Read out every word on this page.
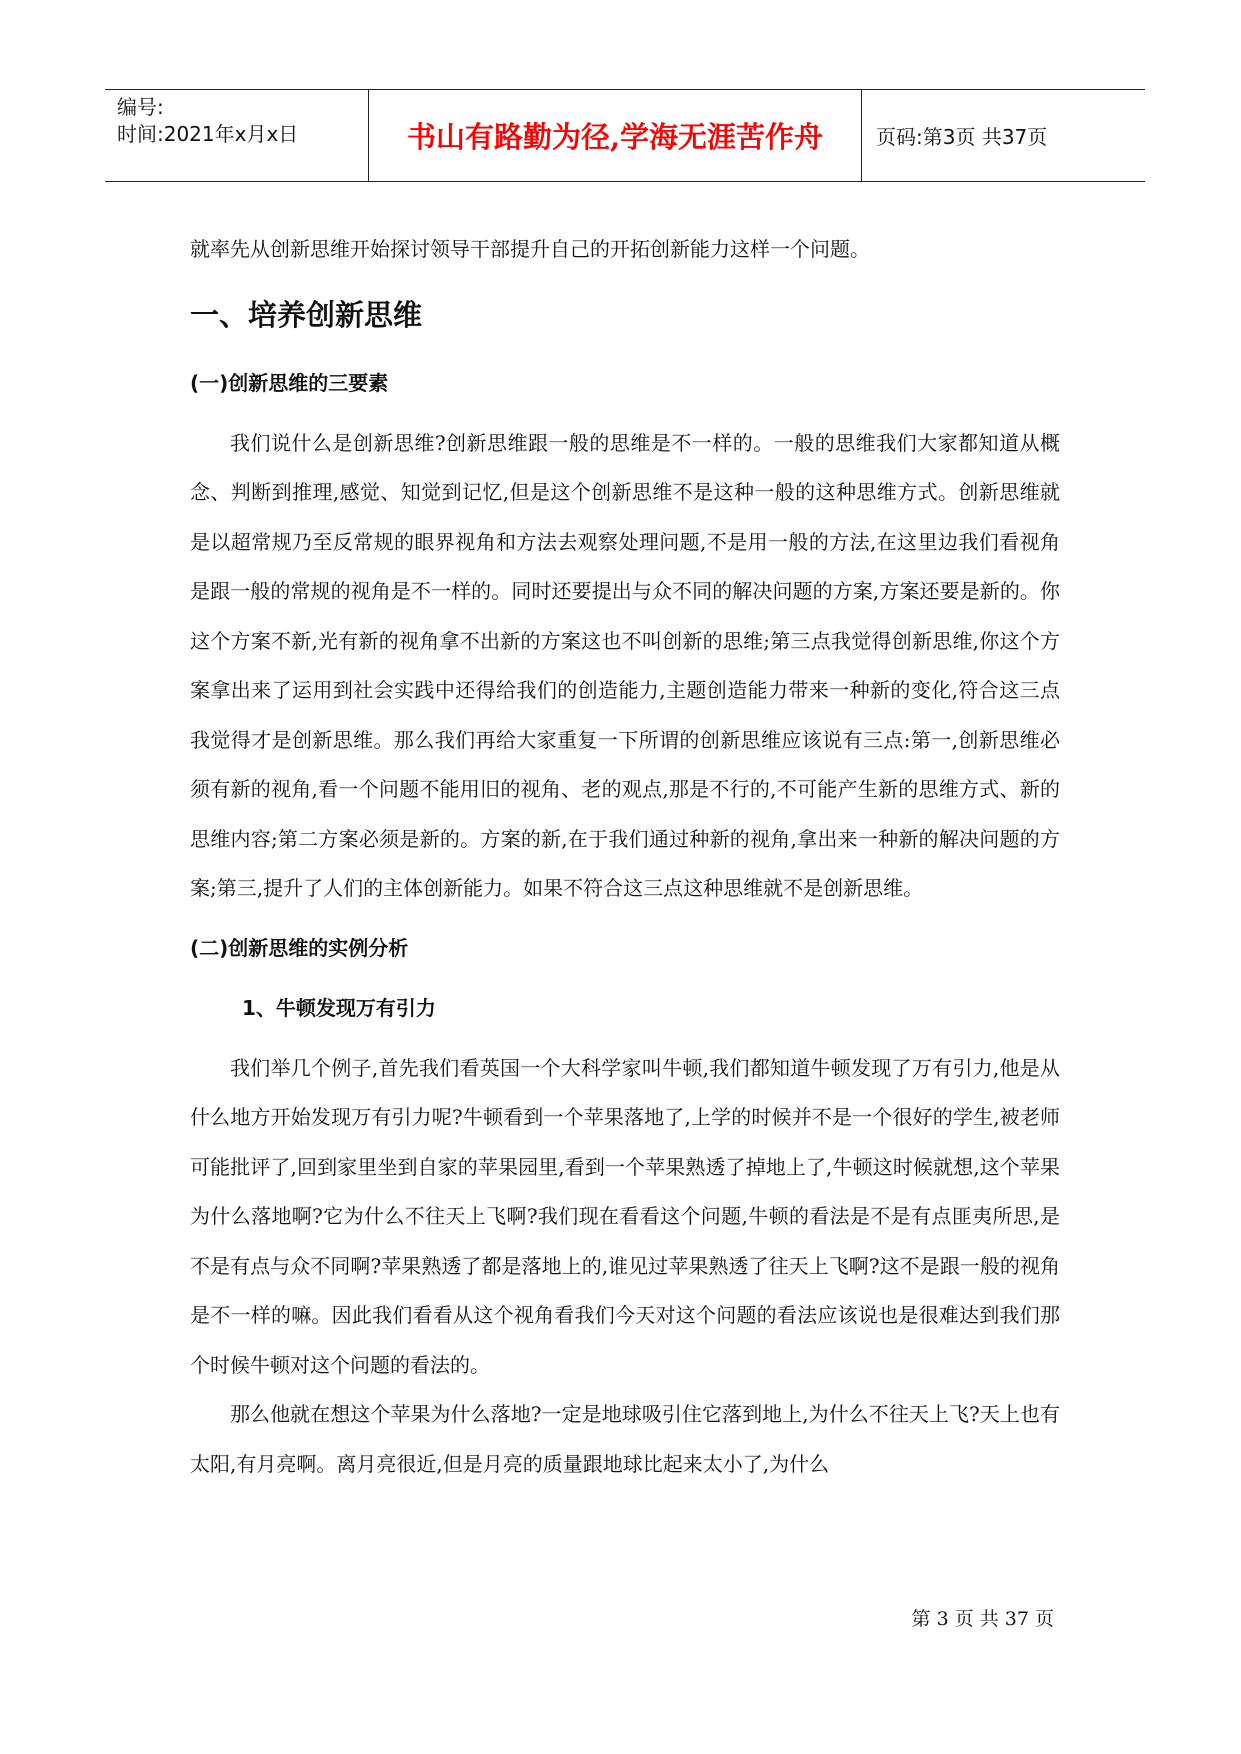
编号:
时间:2021年x月x日	书山有路勤为径,学海无涯苦作舟	页码:第3页 共37页

就率先从创新思维开始探讨领导干部提升自己的开拓创新能力这样一个问题。

一、培养创新思维
(一)创新思维的三要素

我们说什么是创新思维?创新思维跟一般的思维是不一样的。一般的思维我们大家都知道从概念、判断到推理,感觉、知觉到记忆,但是这个创新思维不是这种一般的这种思维方式。创新思维就是以超常规乃至反常规的眼界视角和方法去观察处理问题,不是用一般的方法,在这里边我们看视角是跟一般的常规的视角是不一样的。同时还要提出与众不同的解决问题的方案,方案还要是新的。你这个方案不新,光有新的视角拿不出新的方案这也不叫创新的思维;第三点我觉得创新思维,你这个方案拿出来了运用到社会实践中还得给我们的创造能力,主题创造能力带来一种新的变化,符合这三点 我觉得才是创新思维。那么我们再给大家重复一下所谓的创新思维应该说有三点:第一,创新思维必须有新的视角,看一个问题不能用旧的视角、老的观点,那是不行的,不可能产生新的思维方式、新的思维内容;第二方案必须是新的。方案的新,在于我们通过种新的视角,拿出来一种新的解决问题的方案;第三,提升了人们的主体创新能力。如果不符合这三点这种思维就不是创新思维。

(二)创新思维的实例分析
1、牛顿发现万有引力

我们举几个例子,首先我们看英国一个大科学家叫牛顿,我们都知道牛顿发现了万有引力,他是从什么地方开始发现万有引力呢?牛顿看到一个苹果落地了,上学的时候并不是一个很好的学生,被老师可能批评了,回到家里坐到自家的苹果园里,看到一个苹果熟透了掉地上了,牛顿这时候就想,这个苹果为什么落地啊?它为什么不往天上飞啊?我们现在看看这个问题,牛顿的看法是不是有点匪夷所思,是不是有点与众不同啊?苹果熟透了都是落地上的,谁见过苹果熟透了往天上飞啊?这不是跟一般的视角是不一样的嘛。因此我们看看从这个视角看我们今天对这个问题的看法应该说也是很难达到我们那个时候牛顿对这个问题的看法的。

那么他就在想这个苹果为什么落地?一定是地球吸引住它落到地上,为什么不往天上飞?天上也有太阳,有月亮啊。离月亮很近,但是月亮的质量跟地球比起来太小了,为什么

第 3 页 共 37 页
